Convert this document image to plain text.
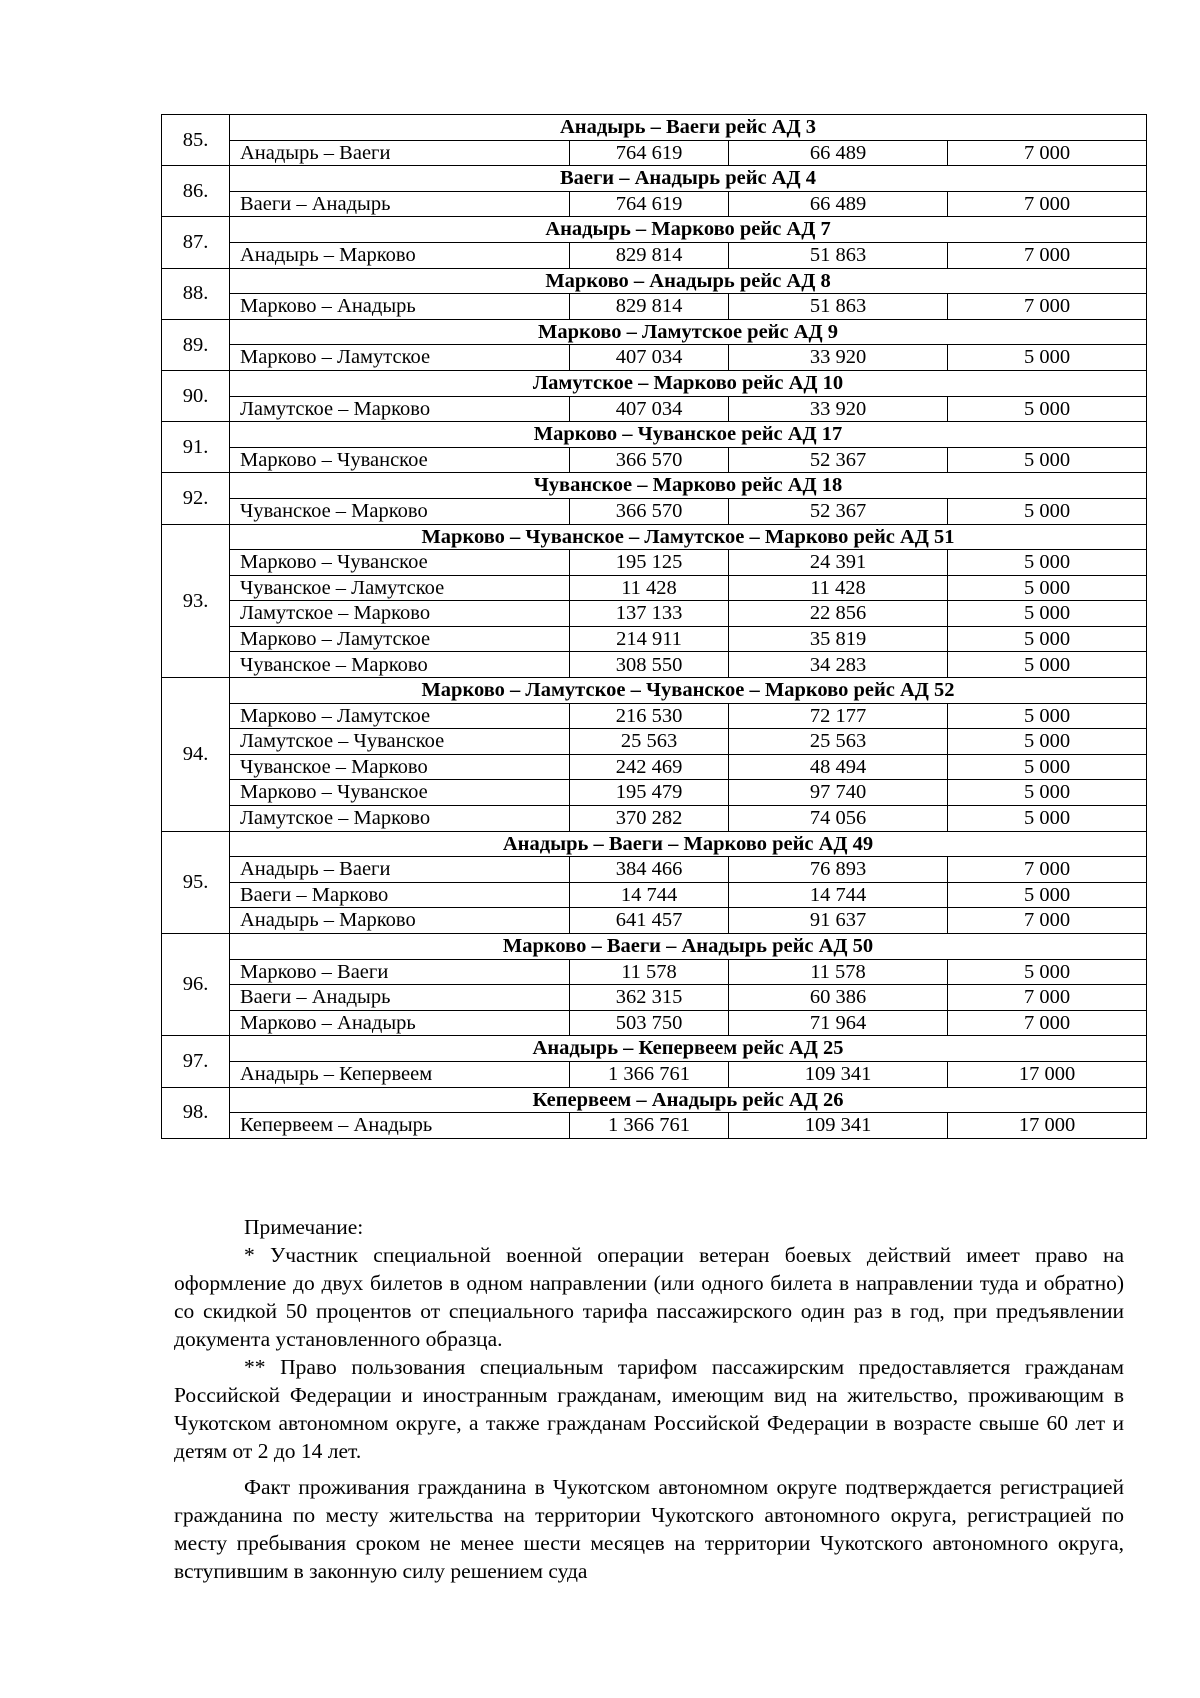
85.	Анадырь – Ваеги рейс АД 3			
	Анадырь – Ваеги	764 619	66 489	7 000
86.	Ваеги – Анадырь рейс АД 4			
	Ваеги – Анадырь	764 619	66 489	7 000
87.	Анадырь – Марково рейс АД 7			
	Анадырь – Марково	829 814	51 863	7 000
88.	Марково – Анадырь рейс АД 8			
	Марково – Анадырь	829 814	51 863	7 000
89.	Марково – Ламутское рейс АД 9			
	Марково – Ламутское	407 034	33 920	5 000
90.	Ламутское – Марково рейс АД 10			
	Ламутское – Марково	407 034	33 920	5 000
91.	Марково – Чуванское рейс АД 17			
	Марково – Чуванское	366 570	52 367	5 000
92.	Чуванское – Марково рейс АД 18			
	Чуванское – Марково	366 570	52 367	5 000
93.	Марково – Чуванское – Ламутское – Марково рейс АД 51			
	Марково – Чуванское	195 125	24 391	5 000
	Чуванское – Ламутское	11 428	11 428	5 000
	Ламутское – Марково	137 133	22 856	5 000
	Марково – Ламутское	214 911	35 819	5 000
	Чуванское – Марково	308 550	34 283	5 000
94.	Марково – Ламутское – Чуванское – Марково рейс АД 52			
	Марково – Ламутское	216 530	72 177	5 000
	Ламутское – Чуванское	25 563	25 563	5 000
	Чуванское – Марково	242 469	48 494	5 000
	Марково – Чуванское	195 479	97 740	5 000
	Ламутское – Марково	370 282	74 056	5 000
95.	Анадырь – Ваеги – Марково рейс АД 49			
	Анадырь – Ваеги	384 466	76 893	7 000
	Ваеги – Марково	14 744	14 744	5 000
	Анадырь – Марково	641 457	91 637	7 000
96.	Марково – Ваеги – Анадырь рейс АД 50			
	Марково – Ваеги	11 578	11 578	5 000
	Ваеги – Анадырь	362 315	60 386	7 000
	Марково – Анадырь	503 750	71 964	7 000
97.	Анадырь – Кепервеем рейс АД 25			
	Анадырь – Кепервеем	1 366 761	109 341	17 000
98.	Кепервеем – Анадырь рейс АД 26			
	Кепервеем – Анадырь	1 366 761	109 341	17 000

Примечание:

* Участник специальной военной операции ветеран боевых действий имеет право на оформление до двух билетов в одном направлении (или одного билета в направлении туда и обратно) со скидкой 50 процентов от специального тарифа пассажирского один раз в год, при предъявлении документа установленного образца.

** Право пользования специальным тарифом пассажирским предоставляется гражданам Российской Федерации и иностранным гражданам, имеющим вид на жительство, проживающим в Чукотском автономном округе, а также гражданам Российской Федерации в возрасте свыше 60 лет и детям от 2 до 14 лет.

Факт проживания гражданина в Чукотском автономном округе подтверждается регистрацией гражданина по месту жительства на территории Чукотского автономного округа, регистрацией по месту пребывания сроком не менее шести месяцев на территории Чукотского автономного округа, вступившим в законную силу решением суда
